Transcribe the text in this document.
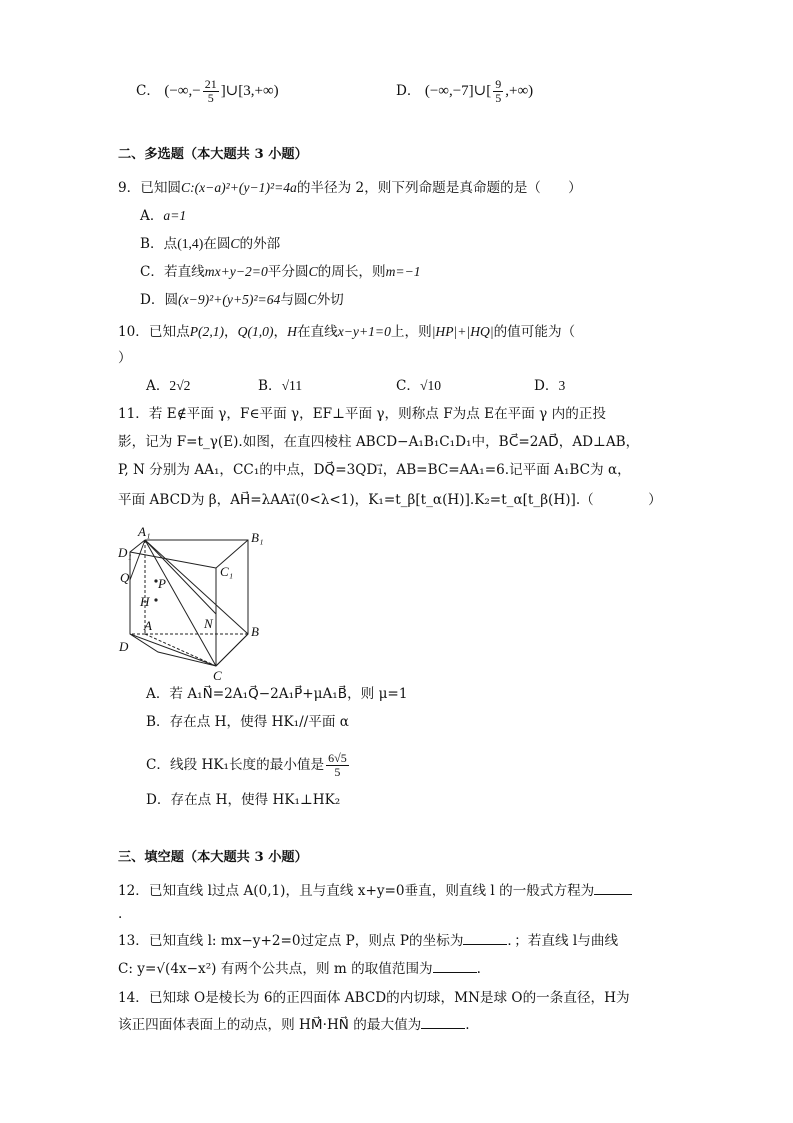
C． (−∞,− $\frac{21}{5}$ ]∪[3,+∞)	D． (−∞,−7]∪[ $\frac{9}{5}$ ,+∞)
二、多选题（本大题共 3 小题）
9．已知圆C:(x−a)²+(y−1)²=4a的半径为 2，则下列命题是真命题的是（　　）
A．a=1
B．点(1,4)在圆C的外部
C．若直线mx+y−2=0平分圆C的周长，则m=−1
D．圆(x−9)²+(y+5)²=64与圆C外切
10．已知点P(2,1)，Q(1,0)，H在直线x−y+1=0上，则|HP|+|HQ|的值可能为（
）
A．2√2	B．√11	C．√10	D．3
11．若 E∉平面 γ，F∈平面 γ，EF⊥平面 γ，则称点 F为点 E在平面 γ 内的正投
影，记为 F=t_γ(E).如图，在直四棱柱 ABCD−A₁B₁C₁D₁中，BC⃗=2AD⃗，AD⊥AB，
P, N 分别为 AA₁，CC₁的中点，DQ⃗=3QD₁⃗，AB=BC=AA₁=6.记平面 A₁BC为 α，
平面 ABCD为 β，AH⃗=λAA₁⃗(0<λ<1)，K₁=t_β[t_α(H)].K₂=t_α[t_β(H)].（　　　　）
A₁	B₁
D₁
C₁
Q P
H
A	N
B
D
C
A．若 A₁N⃗=2A₁Q⃗−2A₁P⃗+μA₁B⃗，则 μ=1
B．存在点 H，使得 HK₁//平面 α
C．线段 HK₁长度的最小值是 $\frac{6√5}{5}$
D．存在点 H，使得 HK₁⊥HK₂
三、填空题（本大题共 3 小题）
12．已知直线 l过点 A(0,1)，且与直线 x+y=0垂直，则直线 l 的一般式方程为
.
13．已知直线 l: mx−y+2=0过定点 P，则点 P的坐标为	．；若直线 l与曲线
C: y=√(4x−x²) 有两个公共点，则 m 的取值范围为	.
14．已知球 O是棱长为 6的正四面体 ABCD的内切球，MN是球 O的一条直径，H为
该正四面体表面上的动点，则 HM⃗·HN⃗ 的最大值为	.
